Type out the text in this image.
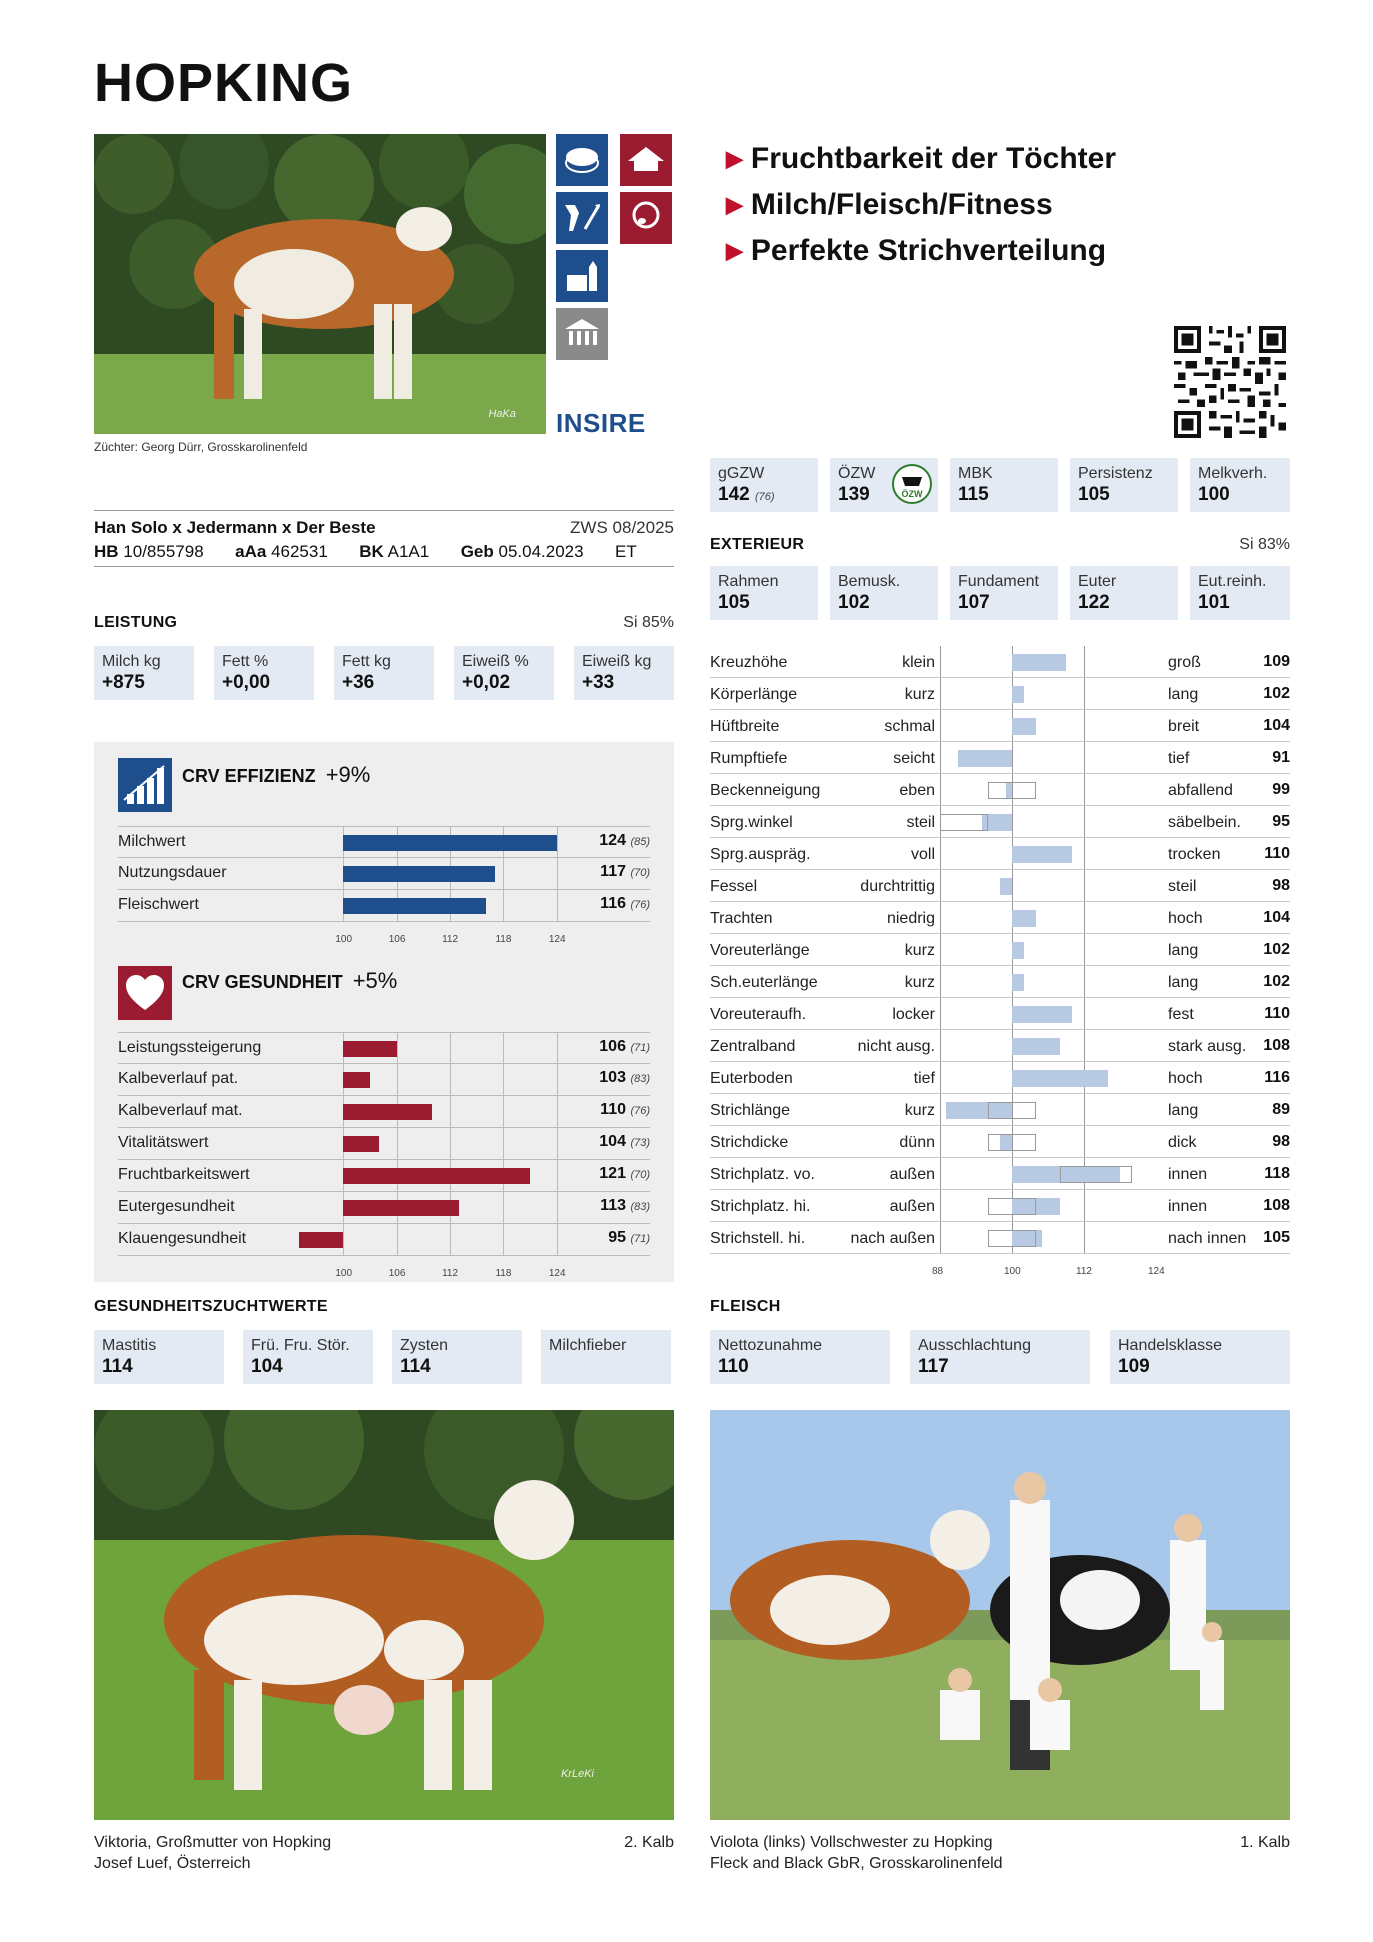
HOPKING
HaKa
Züchter: Georg Dürr, Grosskarolinenfeld
INSIRE
▶ Fruchtbarkeit der Töchter
▶ Milch/Fleisch/Fitness
▶ Perfekte Strichverteilung
Han Solo x Jedermann x Der Beste	ZWS 08/2025
HB 10/855798 aAa 462531 BK A1A1 Geb 05.04.2023 ET
gGZW
142 (76)
ÖZW
139	ÖZW
MBK
115
Persistenz
105
Melkverh.
100
LEISTUNG	Si 85%
CRV EFFIZIENZ +9%
Milchwert	124 (85)
Nutzungsdauer	117 (70)
Fleischwert	116 (76)
100	106	112	118	124
CRV GESUNDHEIT +5%
Leistungssteigerung	106 (71)
Kalbeverlauf pat.	103 (83)
Kalbeverlauf mat.	110 (76)
Vitalitätswert	104 (73)
Fruchtbarkeitswert	121 (70)
Eutergesundheit	113 (83)
Klauengesundheit	95 (71)
100	106	112	118	124
GESUNDHEITSZUCHTWERTE
EXTERIEUR	Si 83%
Kreuzhöhe	klein	groß	109
Körperlänge	kurz	lang	102
Hüftbreite	schmal	breit	104
Rumpftiefe	seicht	tief	91
Beckenneigung	eben	abfallend 99
Sprg.winkel	steil	säbelbein. 95
Sprg.auspräg.	voll	trocken	110
Fessel	durchtrittig	steil	98
Trachten	niedrig	hoch	104
Voreuterlänge	kurz	lang	102
Sch.euterlänge	kurz	lang	102
Voreuteraufh.	locker	fest	110
Zentralband	nicht ausg.	stark ausg. 108
Euterboden	tief	hoch	116
Strichlänge	kurz	lang	89
Strichdicke	dünn	dick	98
Strichplatz. vo.	außen	innen	118
Strichplatz. hi.	außen	innen	108
Strichstell. hi.	nach außen	nach innen 105
88	100	112	124
FLEISCH
KrLeKi
Viktoria, Großmutter von Hopking
Josef Luef, Österreich
2. Kalb Violota (links) Vollschwester zu Hopking
Fleck and Black GbR, Grosskarolinenfeld
1. Kalb
Milch kg
+875
Fett %
+0,00
Fett kg
+36
Eiweiß %
+0,02
Eiweiß kg
+33
Mastitis
114
Frü. Fru. Stör.
104
Zysten
114
Milchfieber
Rahmen
105
Bemusk.
102
Fundament
107
Euter
122
Eut.reinh.
101
Nettozunahme
110
Ausschlachtung
117
Handelsklasse
109
